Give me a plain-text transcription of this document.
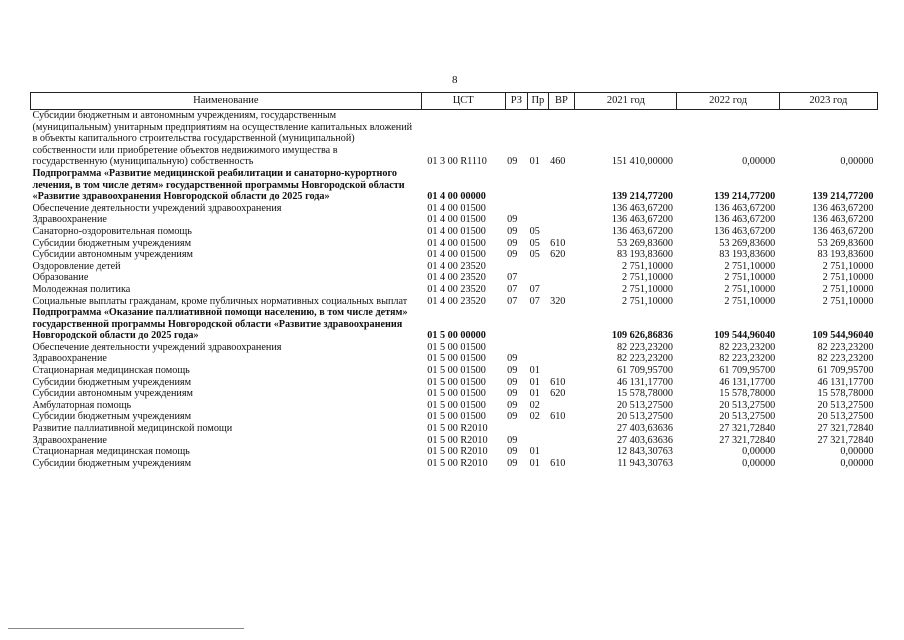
8
Наименование	ЦСТ	РЗ	Пр	ВР	2021 год	2022 год	2023 год
Субсидии бюджетным и автономным учреждениям, государственным (муниципальным) унитарным предприятиям на осуществление капитальных вложений в объекты капитального строительства государственной (муниципальной) собственности или приобретение объектов недвижимого имущества в государственную (муниципальную) собственность	01 3 00 R1110	09	01	460	151 410,00000	0,00000	0,00000
Подпрограмма «Развитие медицинской реабилитации и санаторно-курортного лечения, в том числе детям» государственной программы Новгородской области «Развитие здравоохранения Новгородской области до 2025 года»	01 4 00 00000				139 214,77200	139 214,77200	139 214,77200
Обеспечение деятельности учреждений здравоохранения	01 4 00 01500				136 463,67200	136 463,67200	136 463,67200
Здравоохранение	01 4 00 01500	09			136 463,67200	136 463,67200	136 463,67200
Санаторно-оздоровительная помощь	01 4 00 01500	09	05		136 463,67200	136 463,67200	136 463,67200
Субсидии бюджетным учреждениям	01 4 00 01500	09	05	610	53 269,83600	53 269,83600	53 269,83600
Субсидии автономным учреждениям	01 4 00 01500	09	05	620	83 193,83600	83 193,83600	83 193,83600
Оздоровление детей	01 4 00 23520				2 751,10000	2 751,10000	2 751,10000
Образование	01 4 00 23520	07			2 751,10000	2 751,10000	2 751,10000
Молодежная политика	01 4 00 23520	07	07		2 751,10000	2 751,10000	2 751,10000
Социальные выплаты гражданам, кроме публичных нормативных социальных выплат	01 4 00 23520	07	07	320	2 751,10000	2 751,10000	2 751,10000
Подпрограмма «Оказание паллиативной помощи населению, в том числе детям» государственной программы Новгородской области «Развитие здравоохранения Новгородской области до 2025 года»	01 5 00 00000				109 626,86836	109 544,96040	109 544,96040
Обеспечение деятельности учреждений здравоохранения	01 5 00 01500				82 223,23200	82 223,23200	82 223,23200
Здравоохранение	01 5 00 01500	09			82 223,23200	82 223,23200	82 223,23200
Стационарная медицинская помощь	01 5 00 01500	09	01		61 709,95700	61 709,95700	61 709,95700
Субсидии бюджетным учреждениям	01 5 00 01500	09	01	610	46 131,17700	46 131,17700	46 131,17700
Субсидии автономным учреждениям	01 5 00 01500	09	01	620	15 578,78000	15 578,78000	15 578,78000
Амбулаторная помощь	01 5 00 01500	09	02		20 513,27500	20 513,27500	20 513,27500
Субсидии бюджетным учреждениям	01 5 00 01500	09	02	610	20 513,27500	20 513,27500	20 513,27500
Развитие паллиативной медицинской помощи	01 5 00 R2010				27 403,63636	27 321,72840	27 321,72840
Здравоохранение	01 5 00 R2010	09			27 403,63636	27 321,72840	27 321,72840
Стационарная медицинская помощь	01 5 00 R2010	09	01		12 843,30763	0,00000	0,00000
Субсидии бюджетным учреждениям	01 5 00 R2010	09	01	610	11 943,30763	0,00000	0,00000
